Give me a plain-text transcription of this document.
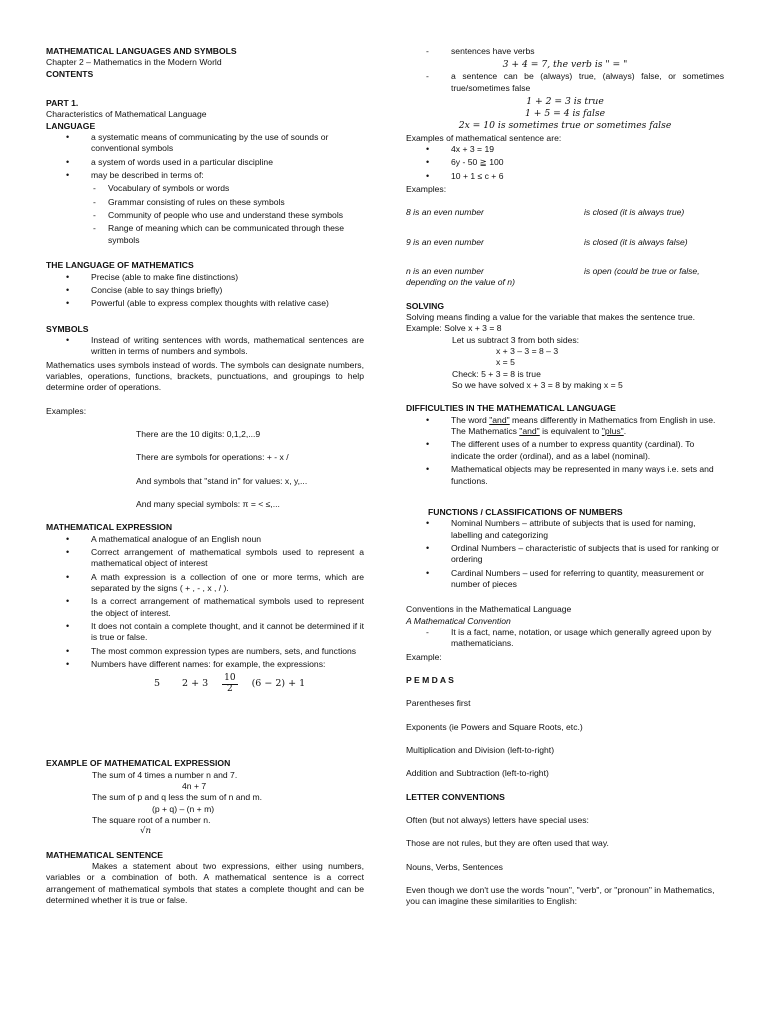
MATHEMATICAL LANGUAGES AND SYMBOLS

Chapter 2 – Mathematics in the Modern World

CONTENTS

PART 1.

Characteristics of Mathematical Language

LANGUAGE

• a systematic means of communicating by the use of sounds or conventional symbols
• a system of words used in a particular discipline
• may be described in terms of:
- Vocabulary of symbols or words
- Grammar consisting of rules on these symbols
- Community of people who use and understand these symbols
- Range of meaning which can be communicated through these symbols

THE LANGUAGE OF MATHEMATICS

• Precise (able to make fine distinctions)
• Concise (able to say things briefly)
• Powerful (able to express complex thoughts with relative case)

SYMBOLS

• Instead of writing sentences with words, mathematical sentences are written in terms of numbers and symbols.

Mathematics uses symbols instead of words. The symbols can designate numbers, variables, operations, functions, brackets, punctuations, and groupings to help determine order of operations.

Examples:

There are the 10 digits: 0,1,2,...9

There are symbols for operations: + - x /

And symbols that "stand in" for values: x, y,...

And many special symbols: π = < ≤,...

MATHEMATICAL EXPRESSION

• A mathematical analogue of an English noun
• Correct arrangement of mathematical symbols used to represent a mathematical object of interest
• A math expression is a collection of one or more terms, which are separated by the signs ( + , - , x , / ).
• Is a correct arrangement of mathematical symbols used to represent the object of interest.
• It does not contain a complete thought, and it cannot be determined if it is true or false.
• The most common expression types are numbers, sets, and functions
• Numbers have different names: for example, the expressions:
5 $2 + 3 \frac{10}{2} (6 - 2) + 1$

EXAMPLE OF MATHEMATICAL EXPRESSION

The sum of 4 times a number n and 7.

4n + 7

The sum of p and q less the sum of n and m.

(p + q) – (n + m)

The square root of a number n.

√n

MATHEMATICAL SENTENCE

Makes a statement about two expressions, either using numbers, variables or a combination of both. A mathematical sentence is a correct arrangement of mathematical symbols that states a complete thought and can be determined whether it is true or false.

- sentences have verbs

3 + 4 = 7, the verb is " = "

- a sentence can be (always) true, (always) false, or sometimes true/sometimes false

1 + 2 = 3 is true

1 + 5 = 4 is false

2x = 10 is sometimes true or sometimes false

Examples of mathematical sentence are:

• 4x + 3 = 19
• 6y - 50 ≧ 100
• 10 + 1 ≤ c + 6

Examples:

8 is an even number	is closed (it is always true)
9 is an even number	is closed (it is always false)
n is an even number	is open (could be true or false,

depending on the value of n)

SOLVING

Solving means finding a value for the variable that makes the sentence true.

Example: Solve x + 3 = 8

Let us subtract 3 from both sides:

x + 3 – 3 = 8 – 3

x = 5

Check: 5 + 3 = 8 is true

So we have solved x + 3 = 8 by making x = 5

DIFFICULTIES IN THE MATHEMATICAL LANGUAGE

• The word "and" means differently in Mathematics from English in use. The Mathematics "and" is equivalent to "plus".
• The different uses of a number to express quantity (cardinal). To indicate the order (ordinal), and as a label (nominal).
• Mathematical objects may be represented in many ways i.e. sets and functions.

FUNCTIONS / CLASSIFICATIONS OF NUMBERS

• Nominal Numbers – attribute of subjects that is used for naming, labelling and categorizing
• Ordinal Numbers – characteristic of subjects that is used for ranking or ordering
• Cardinal Numbers – used for referring to quantity, measurement or number of pieces

Conventions in the Mathematical Language

A Mathematical Convention

- It is a fact, name, notation, or usage which generally agreed upon by mathematicians.

Example:

P E M D A S

Parentheses first

Exponents (ie Powers and Square Roots, etc.)

Multiplication and Division (left-to-right)

Addition and Subtraction (left-to-right)

LETTER CONVENTIONS

Often (but not always) letters have special uses:

Those are not rules, but they are often used that way.

Nouns, Verbs, Sentences

Even though we don't use the words "noun", "verb", or "pronoun" in Mathematics, you can imagine these similarities to English:
